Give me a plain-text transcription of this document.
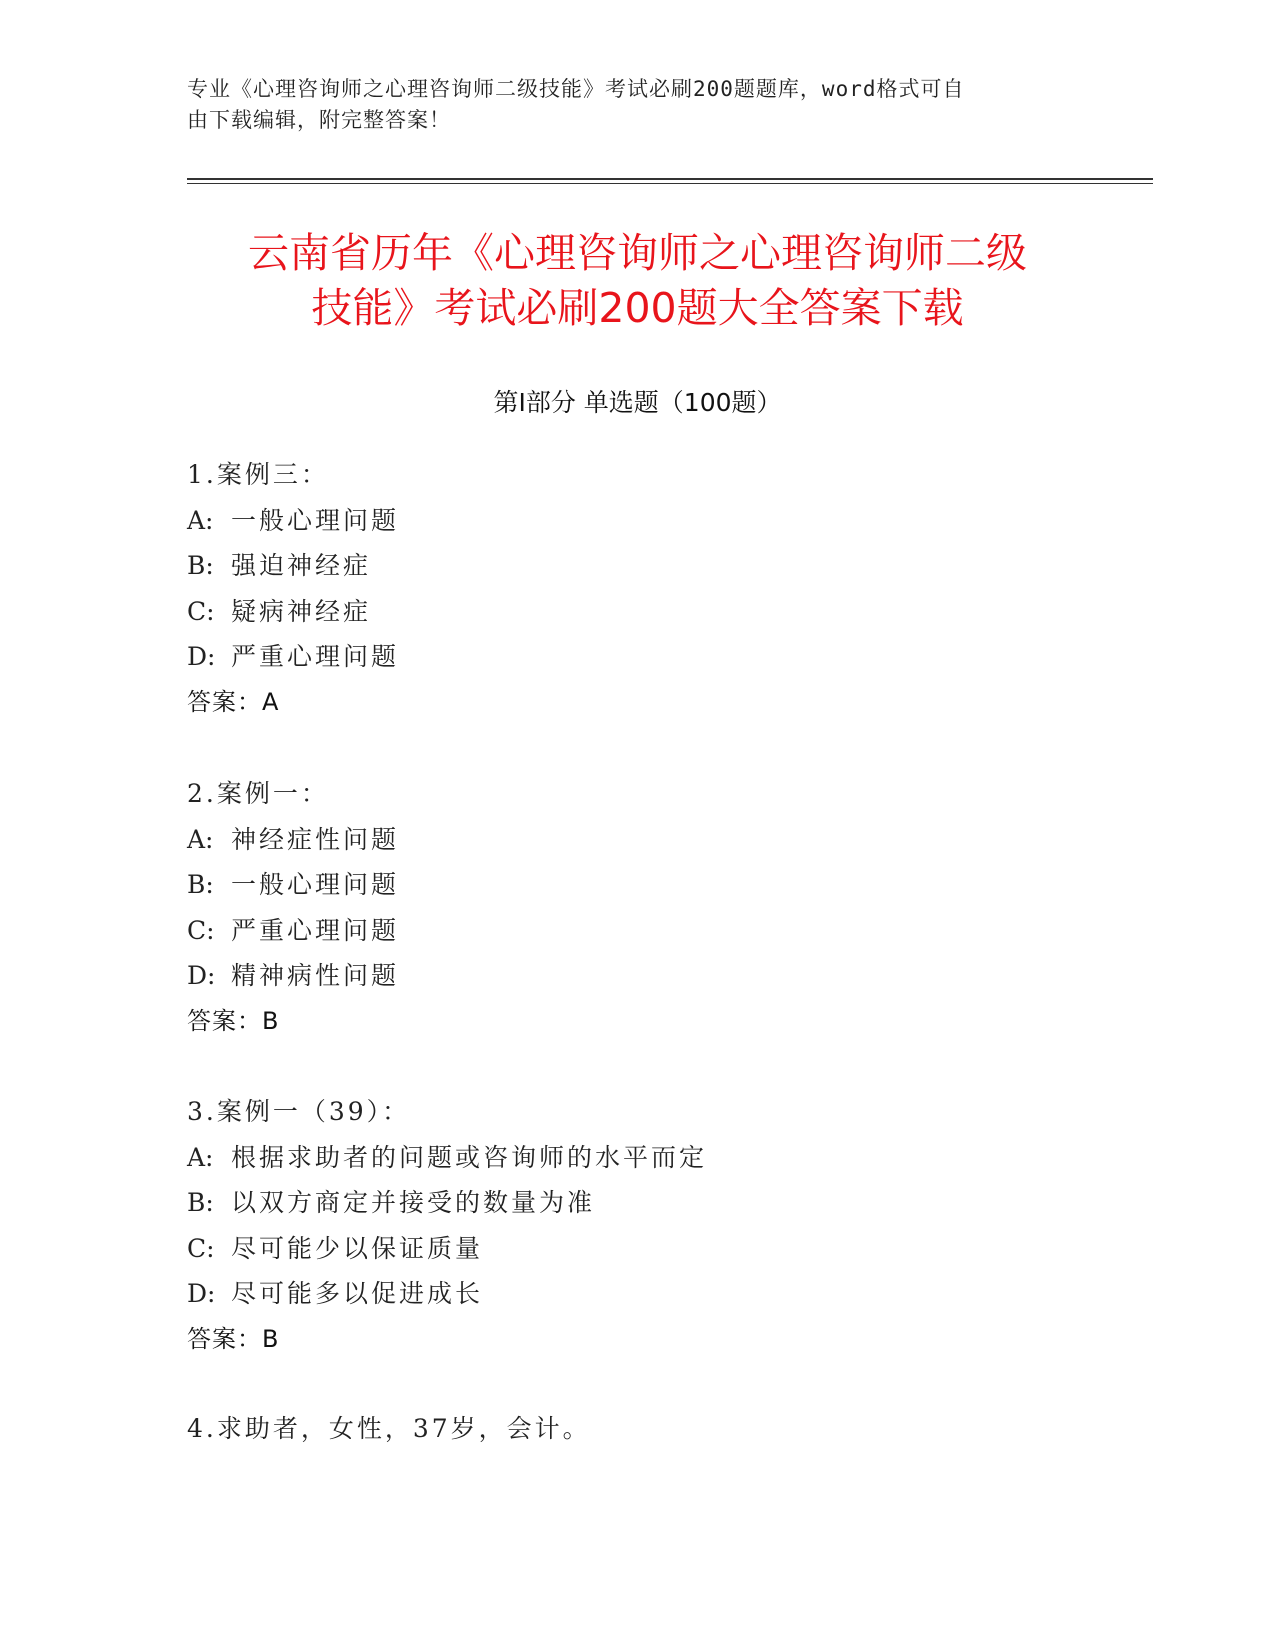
专业《心理咨询师之心理咨询师二级技能》考试必刷200题题库，word格式可自
由下载编辑，附完整答案！
云南省历年《心理咨询师之心理咨询师二级
技能》考试必刷200题大全答案下载
第Ⅰ部分 单选题（100题）
1.案例三：
A: 一般心理问题
B: 强迫神经症
C: 疑病神经症
D: 严重心理问题
答案：A
2.案例一：
A: 神经症性问题
B: 一般心理问题
C: 严重心理问题
D: 精神病性问题
答案：B
3.案例一（39）：
A: 根据求助者的问题或咨询师的水平而定
B: 以双方商定并接受的数量为准
C: 尽可能少以保证质量
D: 尽可能多以促进成长
答案：B
4.求助者，女性，37岁，会计。
